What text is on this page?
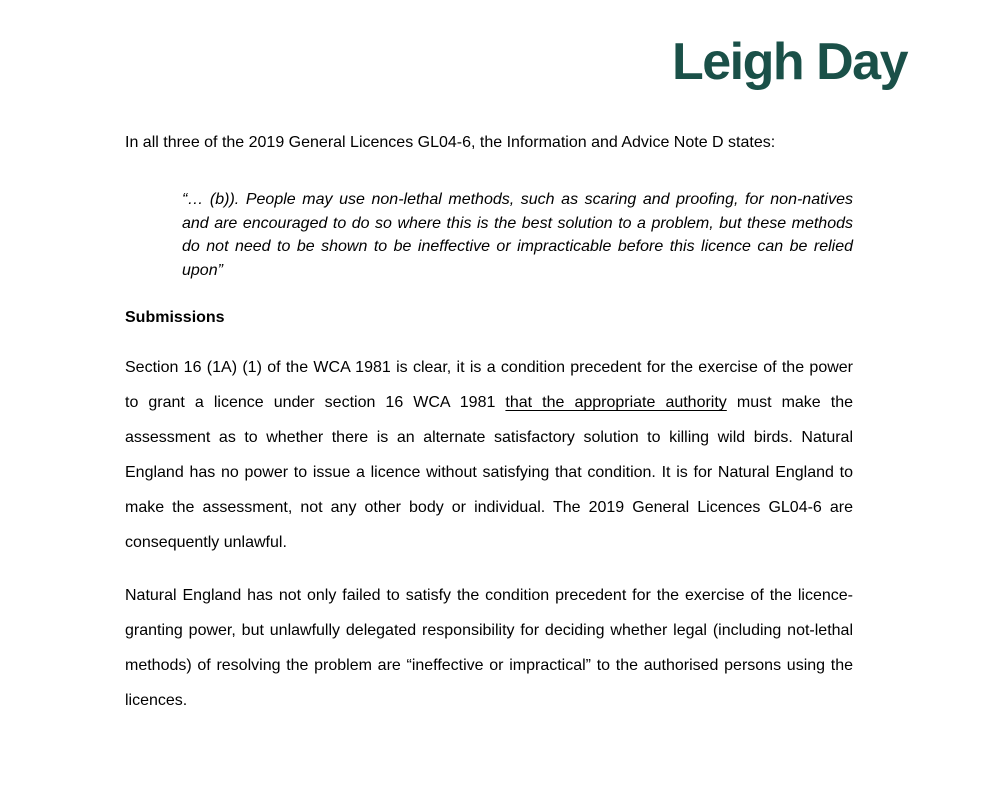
Leigh Day

In all three of the 2019 General Licences GL04-6, the Information and Advice Note D states:

“… (b)). People may use non-lethal methods, such as scaring and proofing, for non-natives and are encouraged to do so where this is the best solution to a problem, but these methods do not need to be shown to be ineffective or impracticable before this licence can be relied upon”

Submissions

Section 16 (1A) (1) of the WCA 1981 is clear, it is a condition precedent for the exercise of the power to grant a licence under section 16 WCA 1981 that the appropriate authority must make the assessment as to whether there is an alternate satisfactory solution to killing wild birds. Natural England has no power to issue a licence without satisfying that condition. It is for Natural England to make the assessment, not any other body or individual. The 2019 General Licences GL04-6 are consequently unlawful.

Natural England has not only failed to satisfy the condition precedent for the exercise of the licence-granting power, but unlawfully delegated responsibility for deciding whether legal (including not-lethal methods) of resolving the problem are “ineffective or impractical” to the authorised persons using the licences.
